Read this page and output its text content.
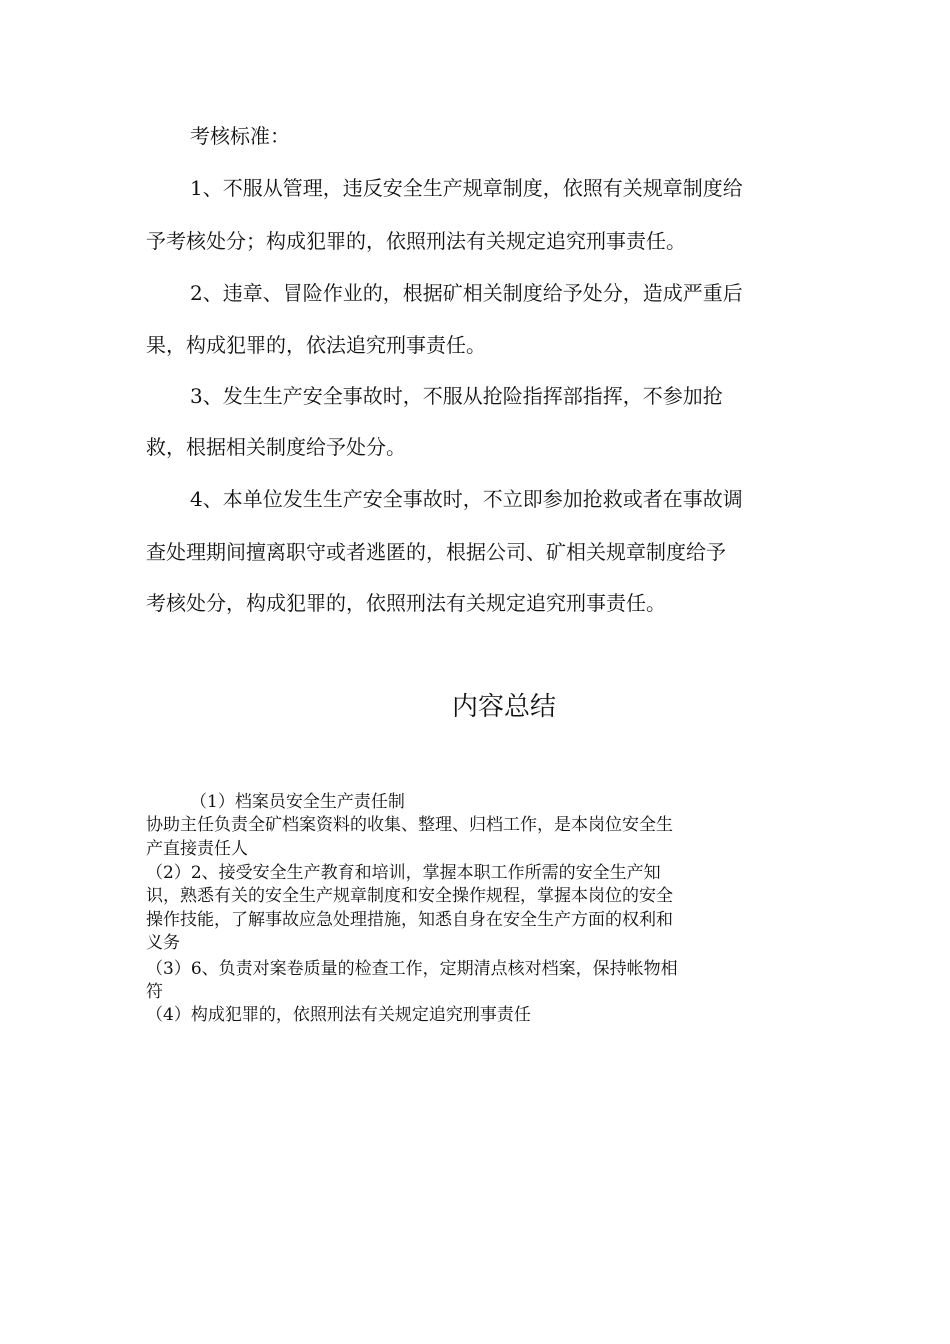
考核标准：
1、不服从管理，违反安全生产规章制度，依照有关规章制度给
予考核处分；构成犯罪的，依照刑法有关规定追究刑事责任。
2、违章、冒险作业的，根据矿相关制度给予处分，造成严重后
果，构成犯罪的，依法追究刑事责任。
3、发生生产安全事故时，不服从抢险指挥部指挥，不参加抢
救，根据相关制度给予处分。
4、本单位发生生产安全事故时，不立即参加抢救或者在事故调
查处理期间擅离职守或者逃匿的，根据公司、矿相关规章制度给予
考核处分，构成犯罪的，依照刑法有关规定追究刑事责任。
内容总结
（1）档案员安全生产责任制
协助主任负责全矿档案资料的收集、整理、归档工作，是本岗位安全生
产直接责任人
（2）2、接受安全生产教育和培训，掌握本职工作所需的安全生产知
识，熟悉有关的安全生产规章制度和安全操作规程，掌握本岗位的安全
操作技能，了解事故应急处理措施，知悉自身在安全生产方面的权利和
义务
（3）6、负责对案卷质量的检查工作，定期清点核对档案，保持帐物相
符
（4）构成犯罪的，依照刑法有关规定追究刑事责任
